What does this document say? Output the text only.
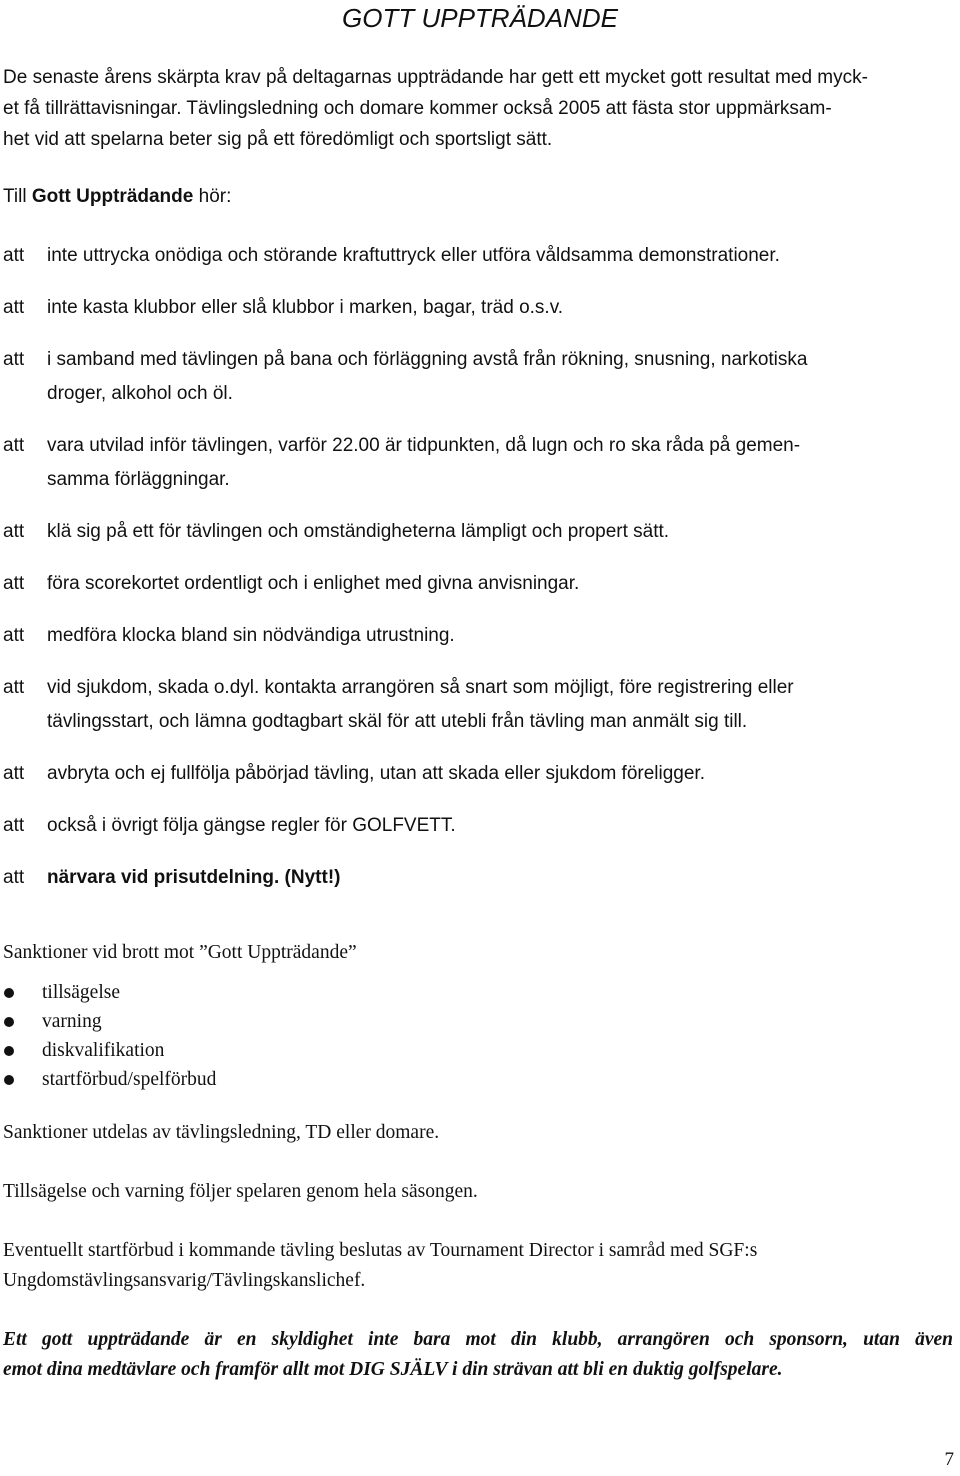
GOTT UPPTRÄDANDE
De senaste årens skärpta krav på deltagarnas uppträdande har gett ett mycket gott resultat med myck-
et få tillrättavisningar. Tävlingsledning och domare kommer också 2005 att fästa stor uppmärksam-
het vid att spelarna beter sig på ett föredömligt och sportsligt sätt.
Till Gott Uppträdande hör:
att	inte uttrycka onödiga och störande kraftuttryck eller utföra våldsamma demonstrationer.
att	inte kasta klubbor eller slå klubbor i marken, bagar, träd o.s.v.
att	i samband med tävlingen på bana och förläggning avstå från rökning, snusning, narkotiska
droger, alkohol och öl.
att	vara utvilad inför tävlingen, varför 22.00 är tidpunkten, då lugn och ro ska råda på gemen-
samma förläggningar.
att	klä sig på ett för tävlingen och omständigheterna lämpligt och propert sätt.
att	föra scorekortet ordentligt och i enlighet med givna anvisningar.
att	medföra klocka bland sin nödvändiga utrustning.
att	vid sjukdom, skada o.dyl. kontakta arrangören så snart som möjligt, före registrering eller
tävlingsstart, och lämna godtagbart skäl för att utebli från tävling man anmält sig till.
att	avbryta och ej fullfölja påbörjad tävling, utan att skada eller sjukdom föreligger.
att	också i övrigt följa gängse regler för GOLFVETT.
att	närvara vid prisutdelning. (Nytt!)

Sanktioner vid brott mot ”Gott Uppträdande”

tillsägelse
varning
diskvalifikation
startförbud/spelförbud

Sanktioner utdelas av tävlingsledning, TD eller domare.

Tillsägelse och varning följer spelaren genom hela säsongen.

Eventuellt startförbud i kommande tävling beslutas av Tournament Director i samråd med SGF:s
Ungdomstävlingsansvarig/Tävlingskanslichef.
Ett gott uppträdande är en skyldighet inte bara mot din klubb, arrangören och sponsorn, utan även
emot dina medtävlare och framför allt mot DIG SJÄLV i din strävan att bli en duktig golfspelare.
7
